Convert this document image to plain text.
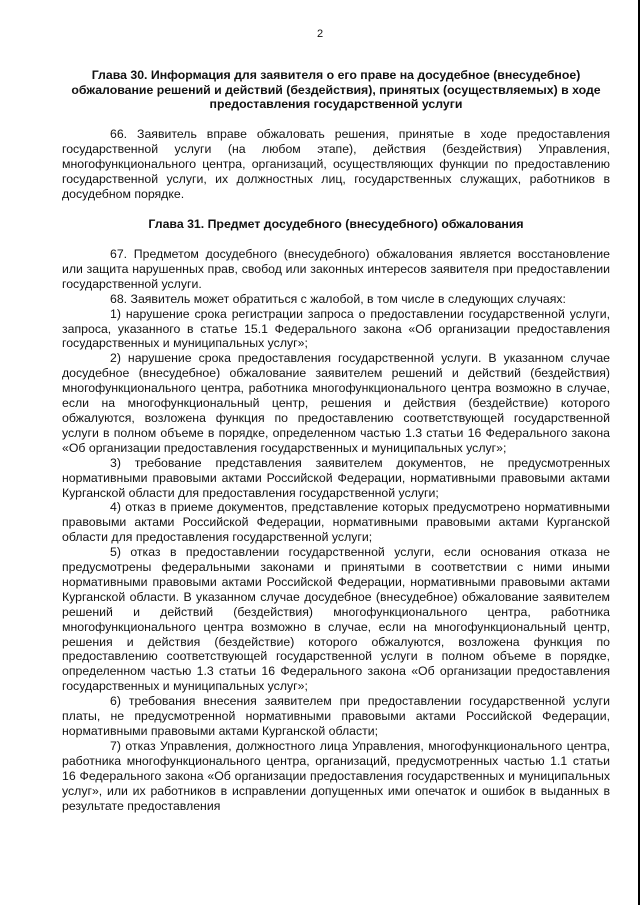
2
Глава 30. Информация для заявителя о его праве на досудебное (внесудебное) обжалование решений и действий (бездействия), принятых (осуществляемых) в ходе предоставления государственной услуги

66. Заявитель вправе обжаловать решения, принятые в ходе предоставления государственной услуги (на любом этапе), действия (бездействия) Управления, многофункционального центра, организаций, осуществляющих функции по предоставлению государственной услуги, их должностных лиц, государственных служащих, работников в досудебном порядке.

Глава 31. Предмет досудебного (внесудебного) обжалования

67. Предметом досудебного (внесудебного) обжалования является восстановление или защита нарушенных прав, свобод или законных интересов заявителя при предоставлении государственной услуги.

68. Заявитель может обратиться с жалобой, в том числе в следующих случаях:

1) нарушение срока регистрации запроса о предоставлении государственной услуги, запроса, указанного в статье 15.1 Федерального закона «Об организации предоставления государственных и муниципальных услуг»;

2) нарушение срока предоставления государственной услуги. В указанном случае досудебное (внесудебное) обжалование заявителем решений и действий (бездействия) многофункционального центра, работника многофункционального центра возможно в случае, если на многофункциональный центр, решения и действия (бездействие) которого обжалуются, возложена функция по предоставлению соответствующей государственной услуги в полном объеме в порядке, определенном частью 1.3 статьи 16 Федерального закона «Об организации предоставления государственных и муниципальных услуг»;

3) требование представления заявителем документов, не предусмотренных нормативными правовыми актами Российской Федерации, нормативными правовыми актами Курганской области для предоставления государственной услуги;

4) отказ в приеме документов, представление которых предусмотрено нормативными правовыми актами Российской Федерации, нормативными правовыми актами Курганской области для предоставления государственной услуги;

5) отказ в предоставлении государственной услуги, если основания отказа не предусмотрены федеральными законами и принятыми в соответствии с ними иными нормативными правовыми актами Российской Федерации, нормативными правовыми актами Курганской области. В указанном случае досудебное (внесудебное) обжалование заявителем решений и действий (бездействия) многофункционального центра, работника многофункционального центра возможно в случае, если на многофункциональный центр, решения и действия (бездействие) которого обжалуются, возложена функция по предоставлению соответствующей государственной услуги в полном объеме в порядке, определенном частью 1.3 статьи 16 Федерального закона «Об организации предоставления государственных и муниципальных услуг»;

6) требования внесения заявителем при предоставлении государственной услуги платы, не предусмотренной нормативными правовыми актами Российской Федерации, нормативными правовыми актами Курганской области;

7) отказ Управления, должностного лица Управления, многофункционального центра, работника многофункционального центра, организаций, предусмотренных частью 1.1 статьи 16 Федерального закона «Об организации предоставления государственных и муниципальных услуг», или их работников в исправлении допущенных ими опечаток и ошибок в выданных в результате предоставления
